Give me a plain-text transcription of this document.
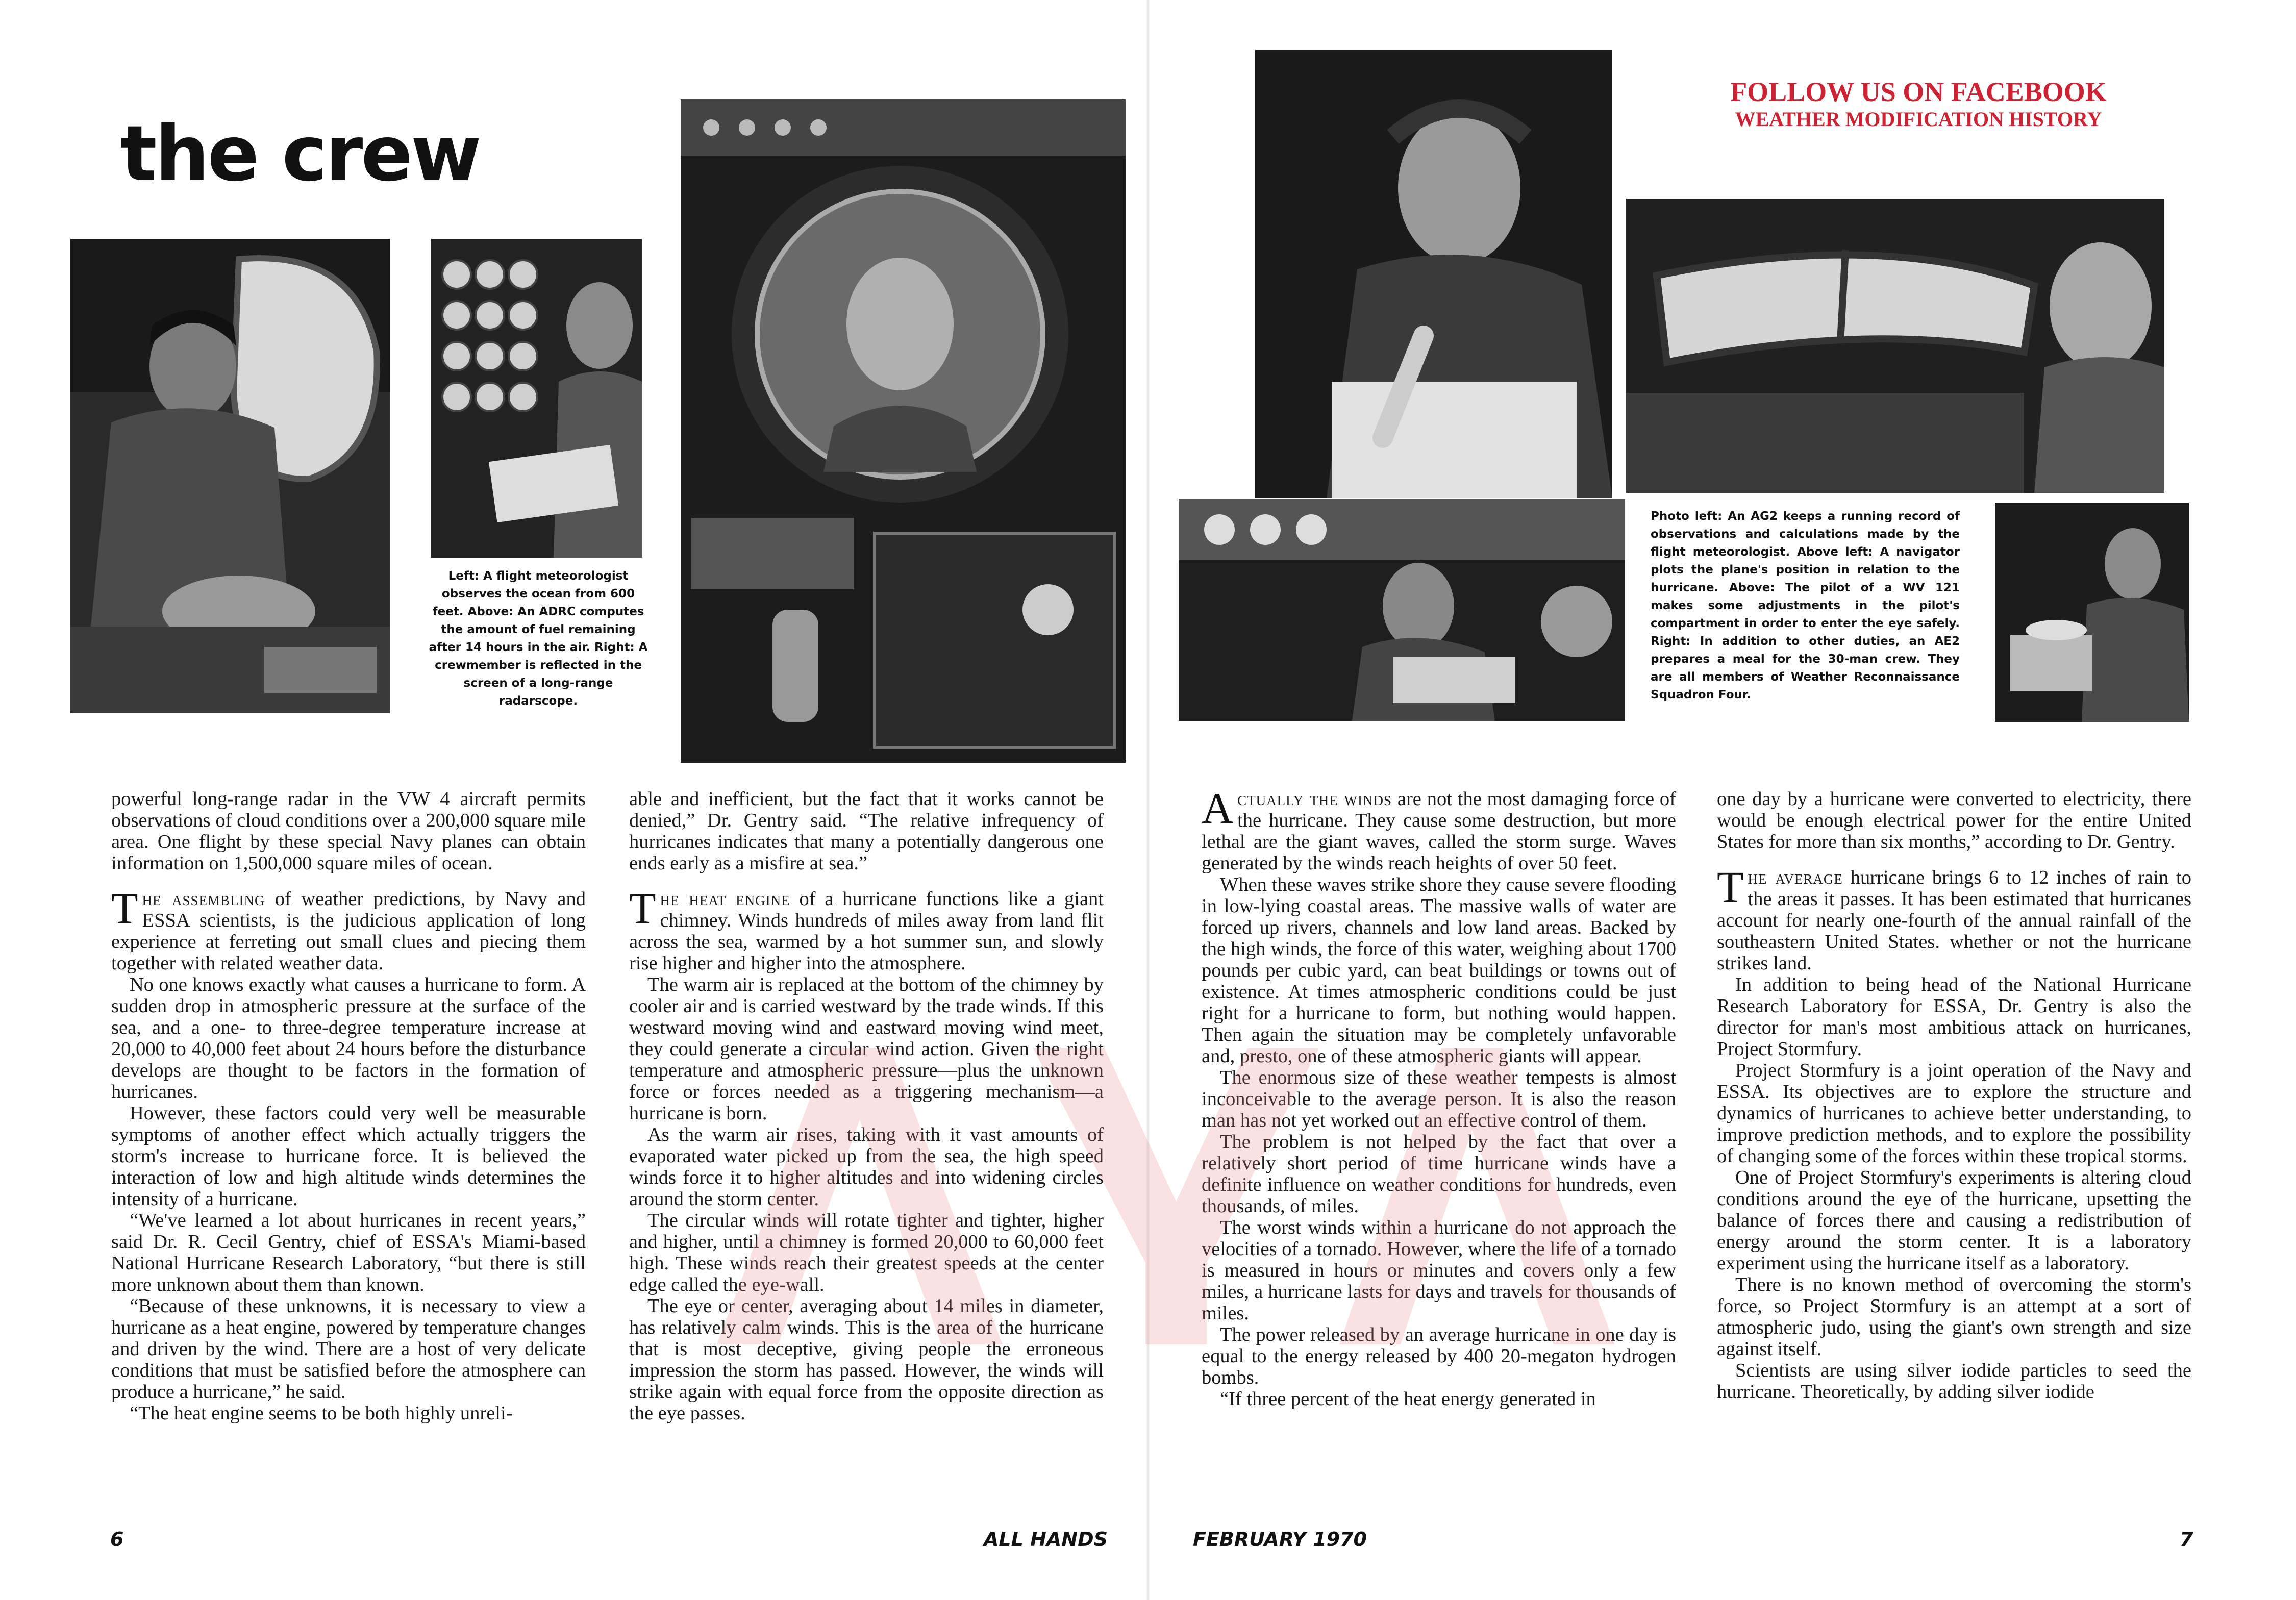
the crew

Left: A flight meteorologist observes the ocean from 600 feet. Above: An ADRC computes the amount of fuel remaining after 14 hours in the air. Right: A crewmember is reflected in the screen of a long-range radarscope.

FOLLOW US ON FACEBOOK
WEATHER MODIFICATION HISTORY

Photo left: An AG2 keeps a running record of observations and calculations made by the flight meteorologist. Above left: A navigator plots the plane's position in relation to the hurricane. Above: The pilot of a WV 121 makes some adjustments in the pilot's compartment in order to enter the eye safely. Right: In addition to other duties, an AE2 prepares a meal for the 30-man crew. They are all members of Weather Reconnaissance Squadron Four.

powerful long-range radar in the VW 4 aircraft permits observations of cloud conditions over a 200,000 square mile area. One flight by these special Navy planes can obtain information on 1,500,000 square miles of ocean.

The assembling of weather predictions, by Navy and ESSA scientists, is the judicious application of long experience at ferreting out small clues and piecing them together with related weather data.

No one knows exactly what causes a hurricane to form. A sudden drop in atmospheric pressure at the surface of the sea, and a one- to three-degree temperature increase at 20,000 to 40,000 feet about 24 hours before the disturbance develops are thought to be factors in the formation of hurricanes.

However, these factors could very well be measurable symptoms of another effect which actually triggers the storm's increase to hurricane force. It is believed the interaction of low and high altitude winds determines the intensity of a hurricane.

“We've learned a lot about hurricanes in recent years,” said Dr. R. Cecil Gentry, chief of ESSA's Miami-based National Hurricane Research Laboratory, “but there is still more unknown about them than known.

“Because of these unknowns, it is necessary to view a hurricane as a heat engine, powered by temperature changes and driven by the wind. There are a host of very delicate conditions that must be satisfied before the atmosphere can produce a hurricane,” he said.

“The heat engine seems to be both highly unreli-

able and inefficient, but the fact that it works cannot be denied,” Dr. Gentry said. “The relative infrequency of hurricanes indicates that many a potentially dangerous one ends early as a misfire at sea.”

The heat engine of a hurricane functions like a giant chimney. Winds hundreds of miles away from land flit across the sea, warmed by a hot summer sun, and slowly rise higher and higher into the atmosphere.

The warm air is replaced at the bottom of the chimney by cooler air and is carried westward by the trade winds. If this westward moving wind and eastward moving wind meet, they could generate a circular wind action. Given the right temperature and atmospheric pressure—plus the unknown force or forces needed as a triggering mechanism—a hurricane is born.

As the warm air rises, taking with it vast amounts of evaporated water picked up from the sea, the high speed winds force it to higher altitudes and into widening circles around the storm center.

The circular winds will rotate tighter and tighter, higher and higher, until a chimney is formed 20,000 to 60,000 feet high. These winds reach their greatest speeds at the center edge called the eye-wall.

The eye or center, averaging about 14 miles in diameter, has relatively calm winds. This is the area of the hurricane that is most deceptive, giving people the erroneous impression the storm has passed. However, the winds will strike again with equal force from the opposite direction as the eye passes.

Actually the winds are not the most damaging force of the hurricane. They cause some destruction, but more lethal are the giant waves, called the storm surge. Waves generated by the winds reach heights of over 50 feet.

When these waves strike shore they cause severe flooding in low-lying coastal areas. The massive walls of water are forced up rivers, channels and low land areas. Backed by the high winds, the force of this water, weighing about 1700 pounds per cubic yard, can beat buildings or towns out of existence. At times atmospheric conditions could be just right for a hurricane to form, but nothing would happen. Then again the situation may be completely unfavorable and, presto, one of these atmospheric giants will appear.

The enormous size of these weather tempests is almost inconceivable to the average person. It is also the reason man has not yet worked out an effective control of them.

The problem is not helped by the fact that over a relatively short period of time hurricane winds have a definite influence on weather conditions for hundreds, even thousands, of miles.

The worst winds within a hurricane do not approach the velocities of a tornado. However, where the life of a tornado is measured in hours or minutes and covers only a few miles, a hurricane lasts for days and travels for thousands of miles.

The power released by an average hurricane in one day is equal to the energy released by 400 20-megaton hydrogen bombs.

“If three percent of the heat energy generated in

one day by a hurricane were converted to electricity, there would be enough electrical power for the entire United States for more than six months,” according to Dr. Gentry.

The average hurricane brings 6 to 12 inches of rain to the areas it passes. It has been estimated that hurricanes account for nearly one-fourth of the annual rainfall of the southeastern United States. whether or not the hurricane strikes land.

In addition to being head of the National Hurricane Research Laboratory for ESSA, Dr. Gentry is also the director for man's most ambitious attack on hurricanes, Project Stormfury.

Project Stormfury is a joint operation of the Navy and ESSA. Its objectives are to explore the structure and dynamics of hurricanes to achieve better understanding, to improve prediction methods, and to explore the possibility of changing some of the forces within these tropical storms.

One of Project Stormfury's experiments is altering cloud conditions around the eye of the hurricane, upsetting the balance of forces there and causing a redistribution of energy around the storm center. It is a laboratory experiment using the hurricane itself as a laboratory.

There is no known method of overcoming the storm's force, so Project Stormfury is an attempt at a sort of atmospheric judo, using the giant's own strength and size against itself.

Scientists are using silver iodide particles to seed the hurricane. Theoretically, by adding silver iodide

6	ALL HANDS	FEBRUARY 1970	7
